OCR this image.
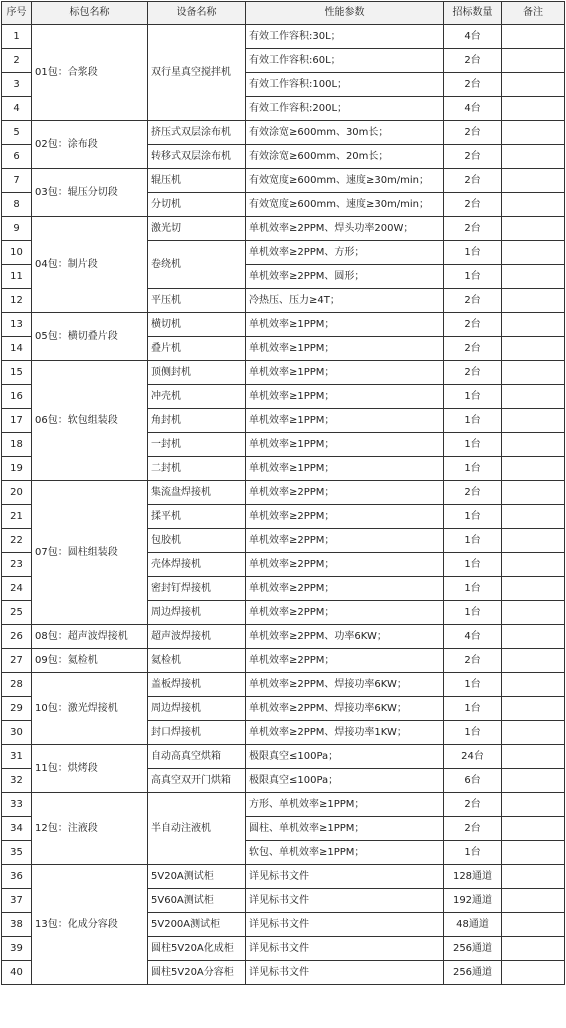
序号	标包名称	设备名称	性能参数	招标数量	备注
1	01包：合浆段	双行星真空搅拌机	有效工作容积:30L；	4台	
2			有效工作容积:60L；	2台	
3			有效工作容积:100L；	2台	
4			有效工作容积:200L；	4台	
5	02包：涂布段	挤压式双层涂布机	有效涂宽≥600mm、30m长；	2台	
6		转移式双层涂布机	有效涂宽≥600mm、20m长；	2台	
7	03包：辊压分切段	辊压机	有效宽度≥600mm、速度≥30m/min；	2台	
8		分切机	有效宽度≥600mm、速度≥30m/min；	2台	
9	04包：制片段	激光切	单机效率≥2PPM、焊头功率200W；	2台	
10		卷绕机	单机效率≥2PPM、方形；	1台	
11			单机效率≥2PPM、圆形；	1台	
12		平压机	冷热压、压力≥4T；	2台	
13	05包：横切叠片段	横切机	单机效率≥1PPM；	2台	
14		叠片机	单机效率≥1PPM；	2台	
15	06包：软包组装段	顶侧封机	单机效率≥1PPM；	2台	
16		冲壳机	单机效率≥1PPM；	1台	
17		角封机	单机效率≥1PPM；	1台	
18		一封机	单机效率≥1PPM；	1台	
19		二封机	单机效率≥1PPM；	1台	
20	07包：圆柱组装段	集流盘焊接机	单机效率≥2PPM；	2台	
21		揉平机	单机效率≥2PPM；	1台	
22		包胶机	单机效率≥2PPM；	1台	
23		壳体焊接机	单机效率≥2PPM；	1台	
24		密封钉焊接机	单机效率≥2PPM；	1台	
25		周边焊接机	单机效率≥2PPM；	1台	
26	08包：超声波焊接机	超声波焊接机	单机效率≥2PPM、功率6KW；	4台	
27	09包：氦检机	氦检机	单机效率≥2PPM；	2台	
28	10包：激光焊接机	盖板焊接机	单机效率≥2PPM、焊接功率6KW；	1台	
29		周边焊接机	单机效率≥2PPM、焊接功率6KW；	1台	
30		封口焊接机	单机效率≥2PPM、焊接功率1KW；	1台	
31	11包：烘烤段	自动高真空烘箱	极限真空≤100Pa；	24台	
32		高真空双开门烘箱	极限真空≤100Pa；	6台	
33	12包：注液段	半自动注液机	方形、单机效率≥1PPM；	2台	
34			圆柱、单机效率≥1PPM；	2台	
35			软包、单机效率≥1PPM；	1台	
36	13包：化成分容段	5V20A测试柜	详见标书文件	128通道	
37		5V60A测试柜	详见标书文件	192通道	
38		5V200A测试柜	详见标书文件	48通道	
39		圆柱5V20A化成柜	详见标书文件	256通道	
40		圆柱5V20A分容柜	详见标书文件	256通道	
